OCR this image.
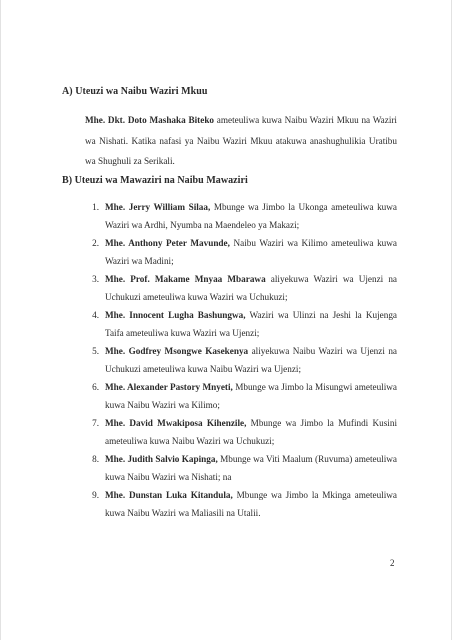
A) Uteuzi wa Naibu Waziri Mkuu
Mhe. Dkt. Doto Mashaka Biteko ameteuliwa kuwa Naibu Waziri Mkuu na Waziri wa Nishati. Katika nafasi ya Naibu Waziri Mkuu atakuwa anashughulikia Uratibu wa Shughuli za Serikali.
B) Uteuzi wa Mawaziri na Naibu Mawaziri
1. Mhe. Jerry William Silaa, Mbunge wa Jimbo la Ukonga ameteuliwa kuwa Waziri wa Ardhi, Nyumba na Maendeleo ya Makazi;
2. Mhe. Anthony Peter Mavunde, Naibu Waziri wa Kilimo ameteuliwa kuwa Waziri wa Madini;
3. Mhe. Prof. Makame Mnyaa Mbarawa aliyekuwa Waziri wa Ujenzi na Uchukuzi ameteuliwa kuwa Waziri wa Uchukuzi;
4. Mhe. Innocent Lugha Bashungwa, Waziri wa Ulinzi na Jeshi la Kujenga Taifa ameteuliwa kuwa Waziri wa Ujenzi;
5. Mhe. Godfrey Msongwe Kasekenya aliyekuwa Naibu Waziri wa Ujenzi na Uchukuzi ameteuliwa kuwa Naibu Waziri wa Ujenzi;
6. Mhe. Alexander Pastory Mnyeti, Mbunge wa Jimbo la Misungwi ameteuliwa kuwa Naibu Waziri wa Kilimo;
7. Mhe. David Mwakiposa Kihenzile, Mbunge wa Jimbo la Mufindi Kusini ameteuliwa kuwa Naibu Waziri wa Uchukuzi;
8. Mhe. Judith Salvio Kapinga, Mbunge wa Viti Maalum (Ruvuma) ameteuliwa kuwa Naibu Waziri wa Nishati; na
9. Mhe. Dunstan Luka Kitandula, Mbunge wa Jimbo la Mkinga ameteuliwa kuwa Naibu Waziri wa Maliasili na Utalii.
2
